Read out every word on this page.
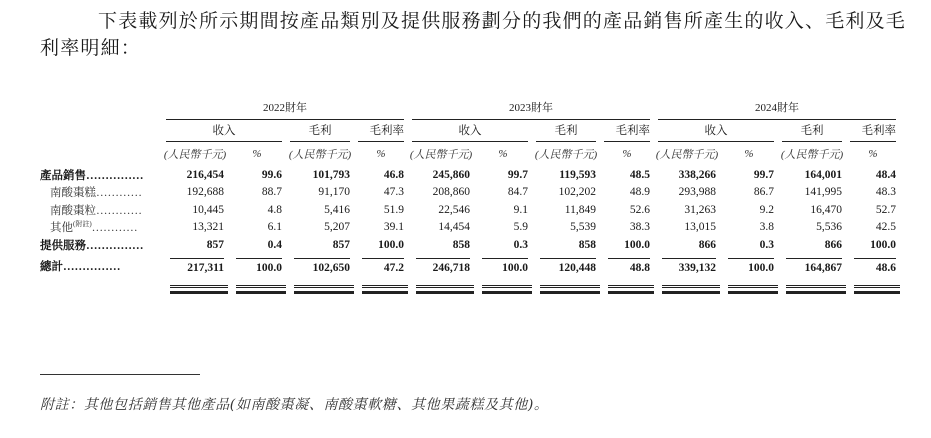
下表載列於所示期間按產品類別及提供服務劃分的我們的產品銷售所產生的收入、毛利及毛利率明細：

	2022財年				2023財年				2024財年			

	收入		毛利	毛利率	收入		毛利	毛利率	收入		毛利	毛利率

	(人民幣千元)	%	(人民幣千元)	%	(人民幣千元)	%	(人民幣千元)	%	(人民幣千元)	%	(人民幣千元)	%
產品銷售……………	216,454	99.6	101,793	46.8	245,860	99.7	119,593	48.5	338,266	99.7	164,001	48.4
南酸棗糕…………	192,688	88.7	91,170	47.3	208,860	84.7	102,202	48.9	293,988	86.7	141,995	48.3
南酸棗粒…………	10,445	4.8	5,416	51.9	22,546	9.1	11,849	52.6	31,263	9.2	16,470	52.7
其他$^{(附註)}$…………	13,321	6.1	5,207	39.1	14,454	5.9	5,539	38.3	13,015	3.8	5,536	42.5
提供服務……………	857	0.4	857	100.0	858	0.3	858	100.0	866	0.3	866	100.0
總計……………	217,311	100.0	102,650	47.2	246,718	100.0	120,448	48.8	339,132	100.0	164,867	48.6

附註：其他包括銷售其他產品(如南酸棗凝、南酸棗軟糖、其他果蔬糕及其他)。
